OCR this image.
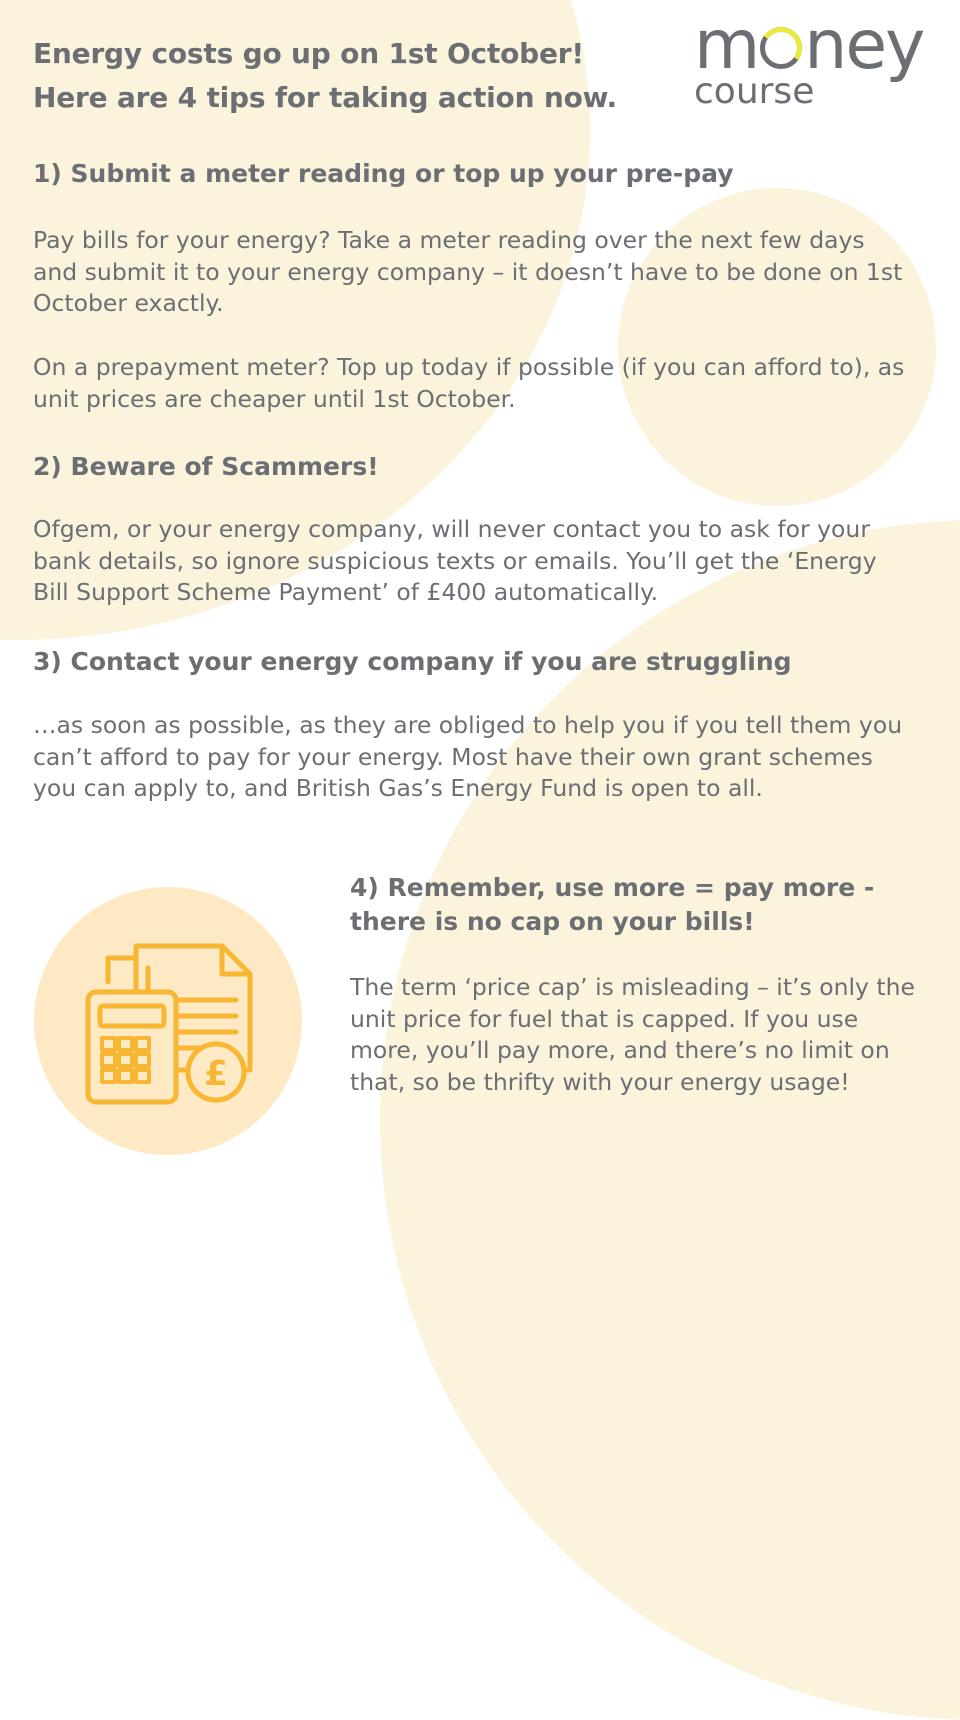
£
Energy costs go up on 1st October!
Here are 4 tips for taking action now.
m ney
course
1) Submit a meter reading or top up your pre-pay

Pay bills for your energy? Take a meter reading over the next few days and submit it to your energy company – it doesn’t have to be done on 1st October exactly.

On a prepayment meter? Top up today if possible (if you can afford to), as unit prices are cheaper until 1st October.

2) Beware of Scammers!

Ofgem, or your energy company, will never contact you to ask for your bank details, so ignore suspicious texts or emails. You’ll get the ‘Energy Bill Support Scheme Payment’ of £400 automatically.

3) Contact your energy company if you are struggling

…as soon as possible, as they are obliged to help you if you tell them you can’t afford to pay for your energy. Most have their own grant schemes you can apply to, and British Gas’s Energy Fund is open to all.

4) Remember, use more = pay more - there is no cap on your bills!

The term ‘price cap’ is misleading – it’s only the unit price for fuel that is capped. If you use more, you’ll pay more, and there’s no limit on that, so be thrifty with your energy usage!
